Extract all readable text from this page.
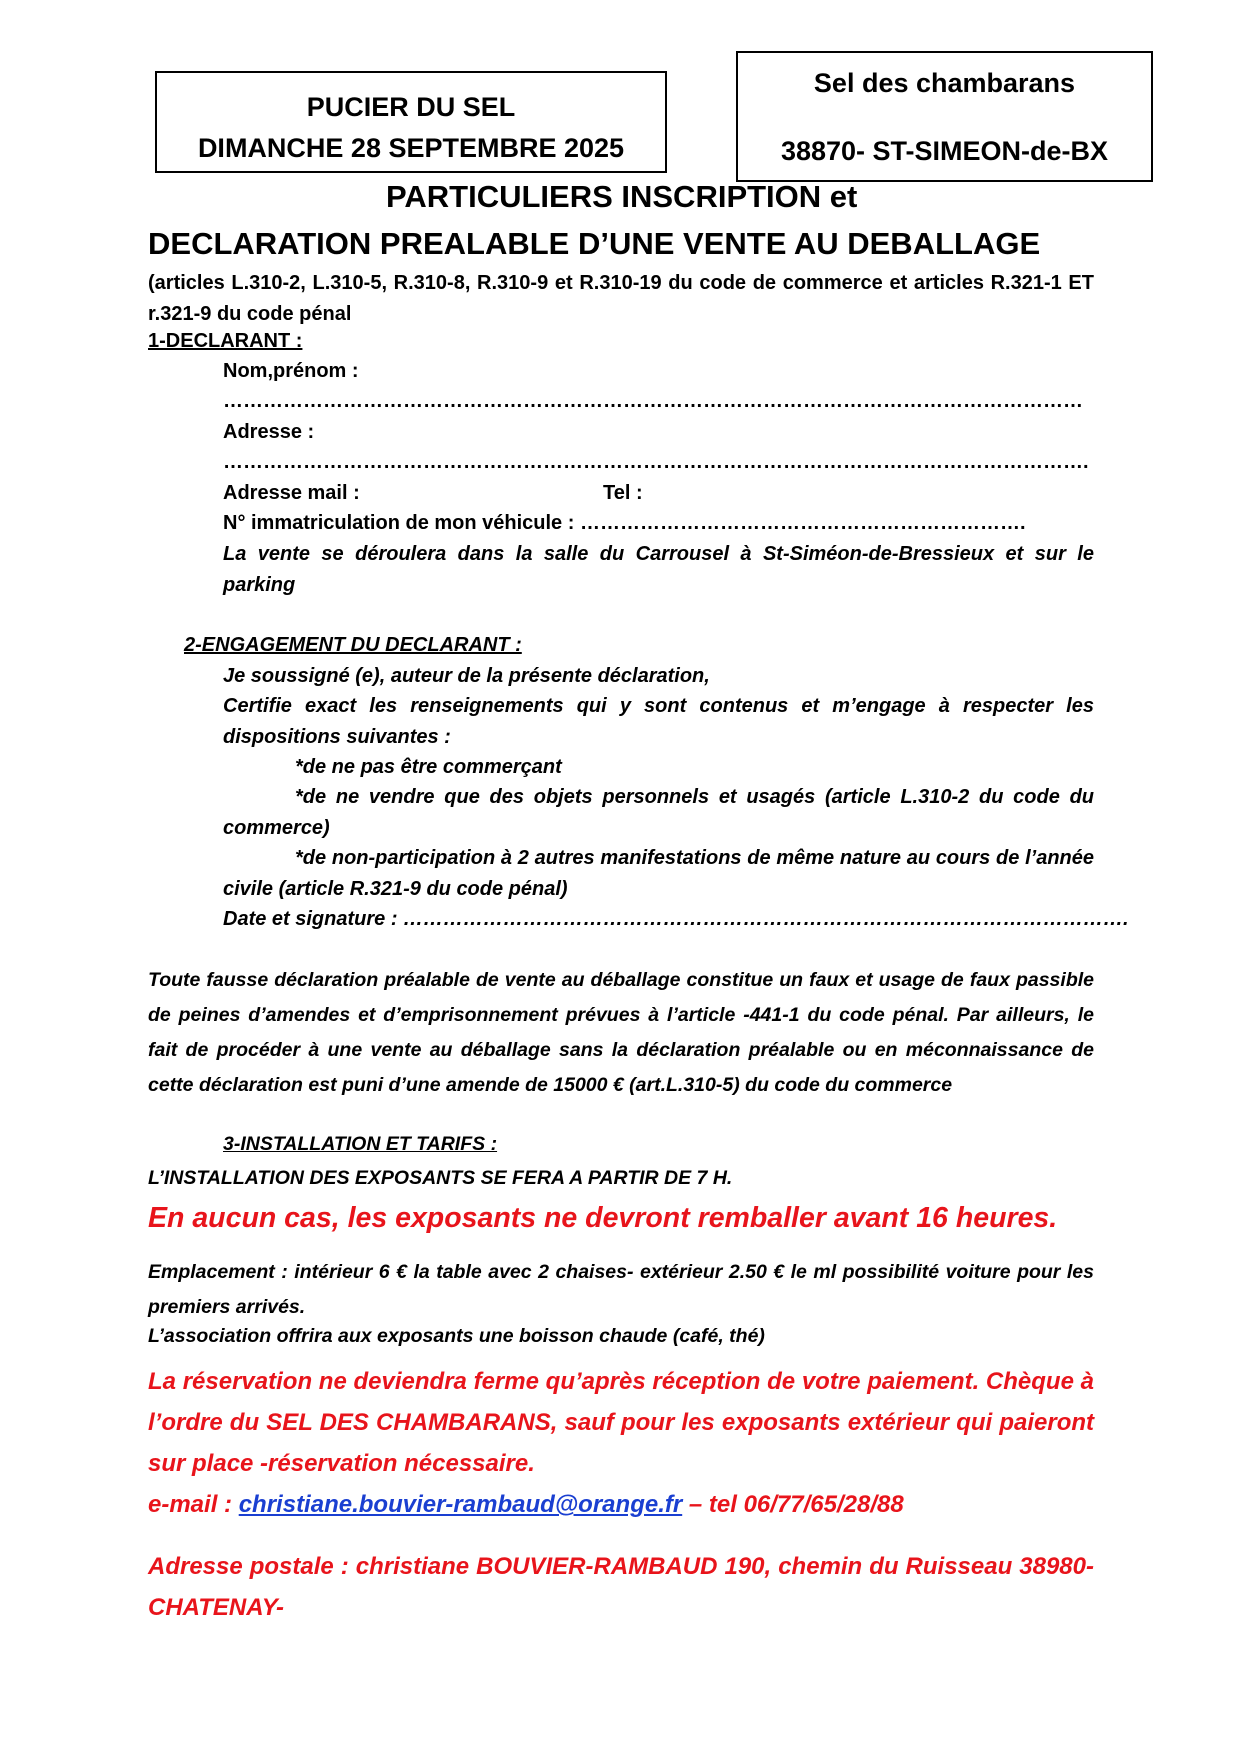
PUCIER DU SEL
DIMANCHE 28 SEPTEMBRE 2025
Sel des chambarans
38870- ST-SIMEON-de-BX
PARTICULIERS INSCRIPTION et
DECLARATION PREALABLE D’UNE VENTE AU DEBALLAGE
(articles L.310-2, L.310-5, R.310-8, R.310-9 et R.310-19 du code de commerce et articles R.321-1 ET r.321-9 du code pénal
1-DECLARANT :
Nom,prénom :
…………………………………………………………………………………………………………………
Adresse :
………………………………………………………………………………………………………………….
Adresse mail :	Tel :
N° immatriculation de mon véhicule : ………………………………………………………….
La vente se déroulera dans la salle du Carrousel à St-Siméon-de-Bressieux et sur le parking
2-ENGAGEMENT DU DECLARANT :
Je soussigné (e), auteur de la présente déclaration,
Certifie exact les renseignements qui y sont contenus et m’engage à respecter les dispositions suivantes :
*de ne pas être commerçant
*de ne vendre que des objets personnels et usagés (article L.310-2 du code du commerce)
*de non-participation à 2 autres manifestations de même nature au cours de l’année civile (article R.321-9 du code pénal)
Date et signature : ……………………………………………………………………………………………….
Toute fausse déclaration préalable de vente au déballage constitue un faux et usage de faux passible de peines d’amendes et d’emprisonnement prévues à l’article -441-1 du code pénal. Par ailleurs, le fait de procéder à une vente au déballage sans la déclaration préalable ou en méconnaissance de cette déclaration est puni d’une amende de 15000 € (art.L.310-5) du code du commerce
3-INSTALLATION ET TARIFS :
L’INSTALLATION DES EXPOSANTS SE FERA A PARTIR DE 7 H.
En aucun cas, les exposants ne devront remballer avant 16 heures.
Emplacement : intérieur 6 € la table avec 2 chaises- extérieur 2.50 € le ml possibilité voiture pour les premiers arrivés.
L’association offrira aux exposants une boisson chaude (café, thé)
La réservation ne deviendra ferme qu’après réception de votre paiement. Chèque à l’ordre du SEL DES CHAMBARANS, sauf pour les exposants extérieur qui paieront sur place -réservation nécessaire.
e-mail : christiane.bouvier-rambaud@orange.fr – tel 06/77/65/28/88
Adresse postale : christiane BOUVIER-RAMBAUD 190, chemin du Ruisseau 38980- CHATENAY-
